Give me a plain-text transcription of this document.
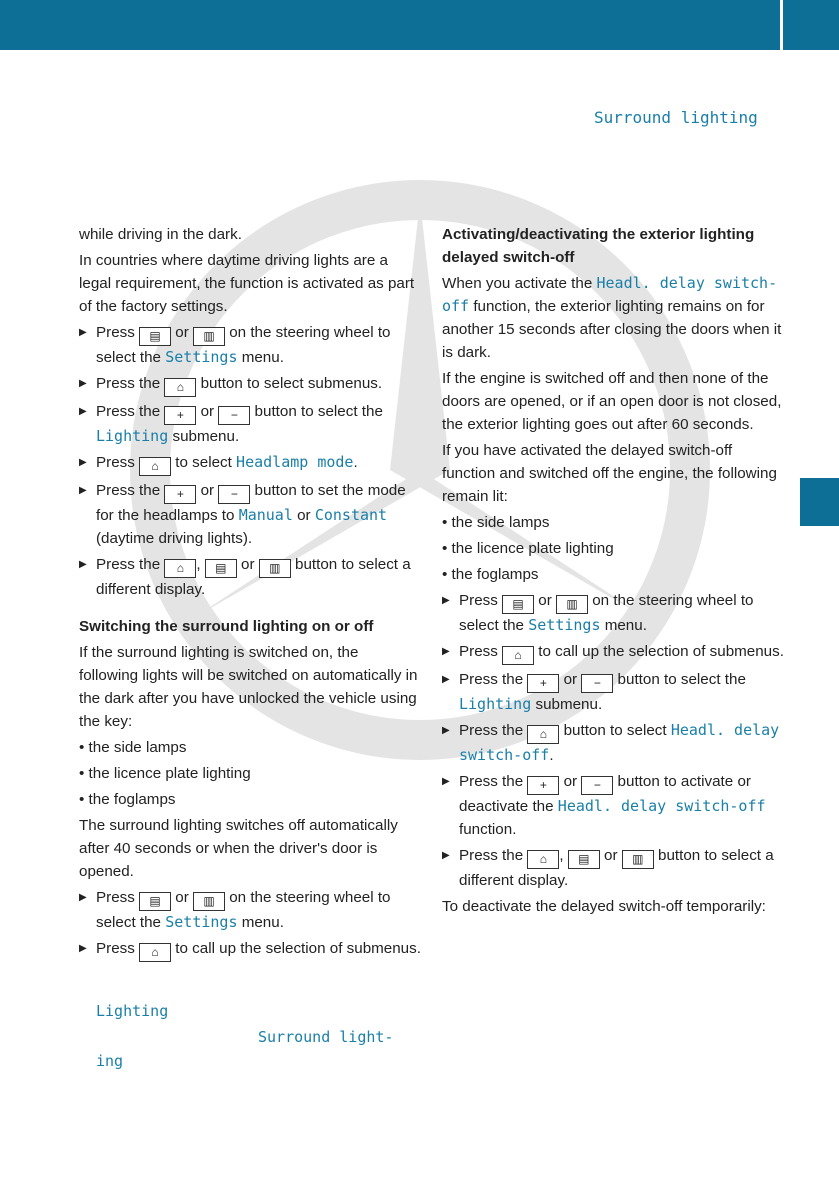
Surround lighting

while driving in the dark.

In countries where daytime driving lights are a legal requirement, the function is activated as part of the factory settings.

▶ Press ▤ or ▥ on the steering wheel to select the Settings menu.

▶ Press the ⌂ button to select submenus.

▶ Press the + or − button to select the Lighting submenu.

▶ Press ⌂ to select Headlamp mode.

▶ Press the + or − button to set the mode for the headlamps to Manual or Constant (daytime driving lights).

▶ Press the ⌂ , ▤ or ▥ button to select a different display.

Switching the surround lighting on or off

If the surround lighting is switched on, the following lights will be switched on automatically in the dark after you have unlocked the vehicle using the key:

• the side lamps

• the licence plate lighting

• the foglamps

The surround lighting switches off automatically after 40 seconds or when the driver's door is opened.

▶ Press ▤ or ▥ on the steering wheel to select the Settings menu.

▶ Press ⌂ to call up the selection of submenus.

Lighting
Surround light-
ing

Activating/deactivating the exterior lighting delayed switch-off

When you activate the Headl. delay switch-off function, the exterior lighting remains on for another 15 seconds after closing the doors when it is dark.

If the engine is switched off and then none of the doors are opened, or if an open door is not closed, the exterior lighting goes out after 60 seconds.

If you have activated the delayed switch-off function and switched off the engine, the following remain lit:

• the side lamps

• the licence plate lighting

• the foglamps

▶ Press ▤ or ▥ on the steering wheel to select the Settings menu.

▶ Press ⌂ to call up the selection of submenus.

▶ Press the + or − button to select the Lighting submenu.

▶ Press the ⌂ button to select Headl. delay switch-off.

▶ Press the + or − button to activate or deactivate the Headl. delay switch-off function.

▶ Press the ⌂ , ▤ or ▥ button to select a different display.

To deactivate the delayed switch-off temporarily:
